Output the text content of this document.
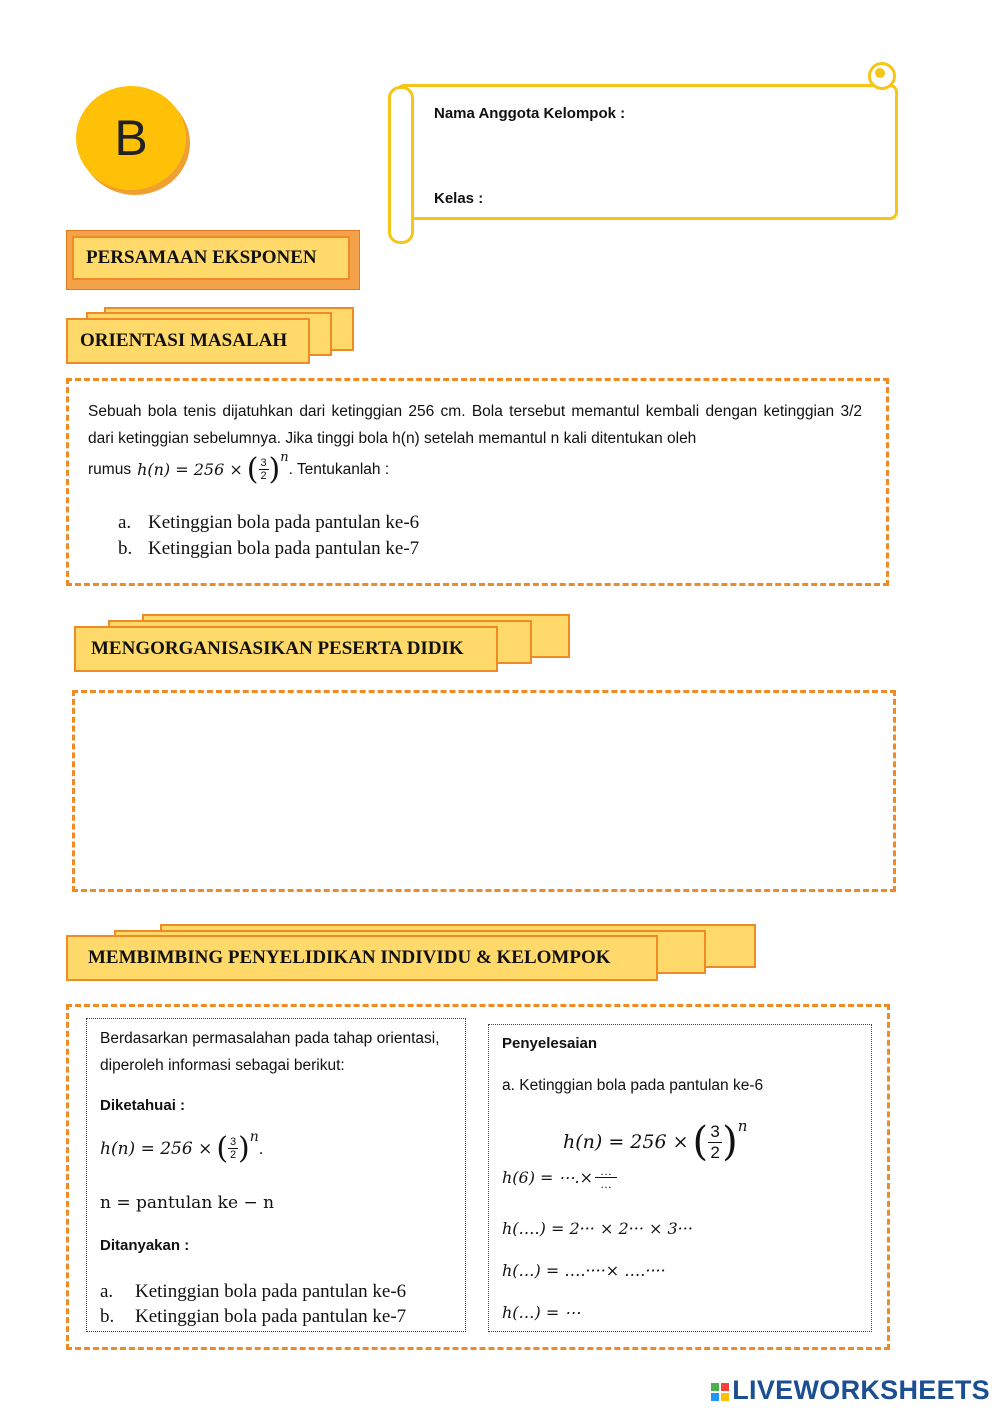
B	Nama Anggota Kelompok :
Kelas :
PERSAMAAN EKSPONEN
ORIENTASI MASALAH
Sebuah bola tenis dijatuhkan dari ketinggian 256 cm. Bola tersebut memantul kembali dengan ketinggian 3/2 dari ketinggian sebelumnya. Jika tinggi bola h(n) setelah memantul n kali ditentukan oleh
rumus h(n) = 256 × ( 3
2 ) n
. Tentukanlah :
a. Ketinggian bola pada pantulan ke-6
b. Ketinggian bola pada pantulan ke-7
MENGORGANISASIKAN PESERTA DIDIK
MEMBIMBING PENYELIDIKAN INDIVIDU & KELOMPOK
Berdasarkan permasalahan pada tahap orientasi, diperoleh informasi sebagai berikut:
Diketahuai :
h(n) = 256 × ( 3
2 ) n
.
n = pantulan ke − n
Ditanyakan :
a. Ketinggian bola pada pantulan ke-6
b. Ketinggian bola pada pantulan ke-7
Penyelesaian
a. Ketinggian bola pada pantulan ke-6
h(n) = 256 × ( 3
2 ) n
h(6) = ⋯.× …
…
h(….) = 2··· × 2··· × 3···
h(…) = ….····× ….····
h(…) = ⋯
LIVEWORKSHEETS
